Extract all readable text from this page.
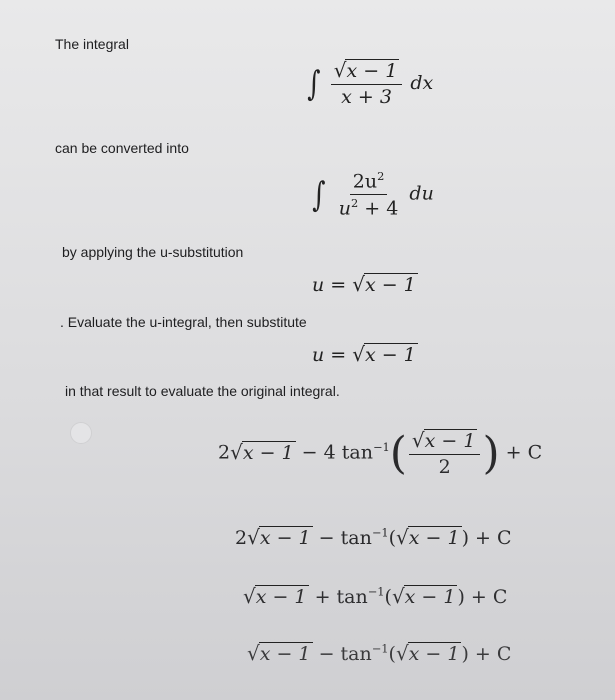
The integral
∫ $\frac{√x - 1}{x + 3}$ dx
can be converted into
∫ $\frac{2u^2}{u^2 + 4}$ du
by applying the u-substitution
u = √x − 1
. Evaluate the u-integral, then substitute
u = √x − 1
in that result to evaluate the original integral.
2√x − 1 − 4 $\tan^{-1}( \frac{√x - 1}{2}$ ) + C
$2√x - 1 - \tan^{-1}(√x - 1$ ) + C
$√x - 1 + \tan^{-1}(√x - 1$ ) + C
$√x - 1 - \tan^{-1}(√x - 1$ ) + C
